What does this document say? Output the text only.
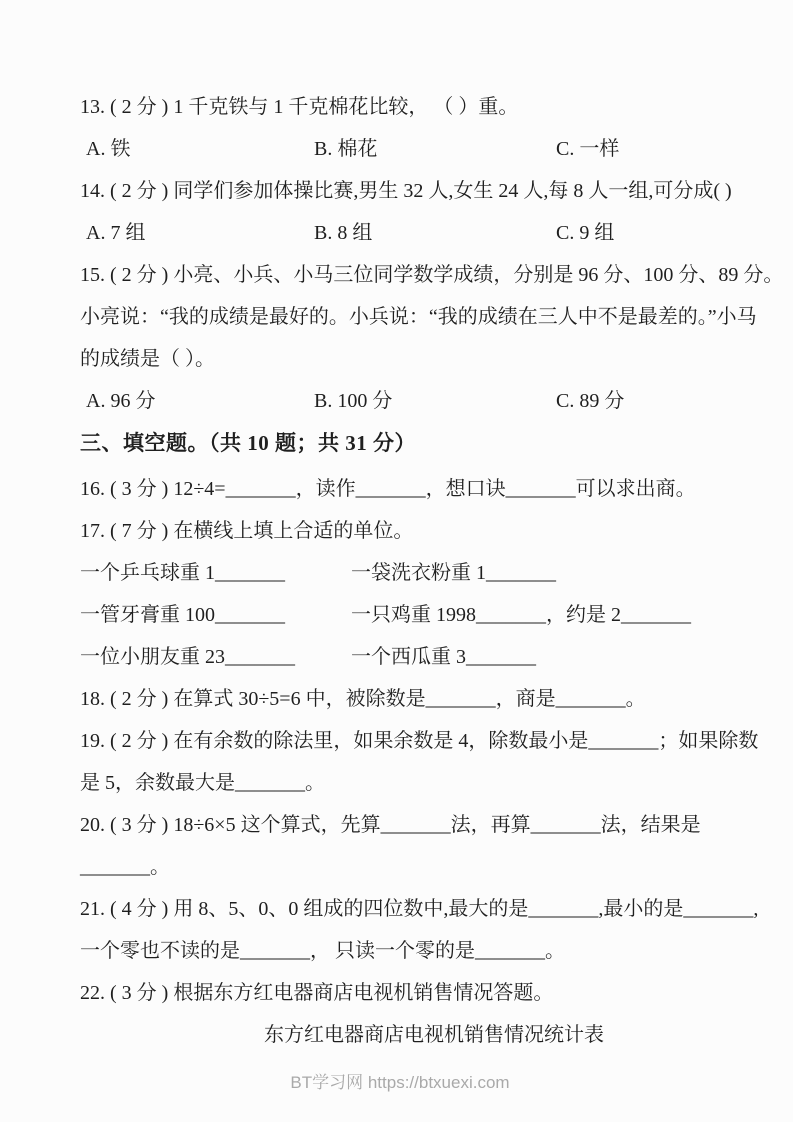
13. ( 2 分 ) 1 千克铁与 1 千克棉花比较， （ ）重。
A. 铁	B. 棉花	C. 一样
14. ( 2 分 ) 同学们参加体操比赛,男生 32 人,女生 24 人,每 8 人一组,可分成( )
A. 7 组	B. 8 组	C. 9 组
15. ( 2 分 ) 小亮、小兵、小马三位同学数学成绩，分别是 96 分、100 分、89 分。
小亮说：“我的成绩是最好的。小兵说：“我的成绩在三人中不是最差的。”小马
的成绩是（ ）。
A. 96 分	B. 100 分	C. 89 分
三、填空题。（共 10 题；共 31 分）
16. ( 3 分 ) 12÷4=_______，读作_______，想口诀_______可以求出商。
17. ( 7 分 ) 在横线上填上合适的单位。
一个乒乓球重 1_______	一袋洗衣粉重 1_______
一管牙膏重 100_______	一只鸡重 1998_______，约是 2_______
一位小朋友重 23_______	一个西瓜重 3_______
18. ( 2 分 ) 在算式 30÷5=6 中，被除数是_______，商是_______。
19. ( 2 分 ) 在有余数的除法里，如果余数是 4，除数最小是_______；如果除数
是 5，余数最大是_______。
20. ( 3 分 ) 18÷6×5 这个算式，先算_______法，再算_______法，结果是
_______。
21. ( 4 分 ) 用 8、5、0、0 组成的四位数中,最大的是_______,最小的是_______,
一个零也不读的是_______， 只读一个零的是_______。
22. ( 3 分 ) 根据东方红电器商店电视机销售情况答题。
东方红电器商店电视机销售情况统计表
BT学习网 https://btxuexi.com
